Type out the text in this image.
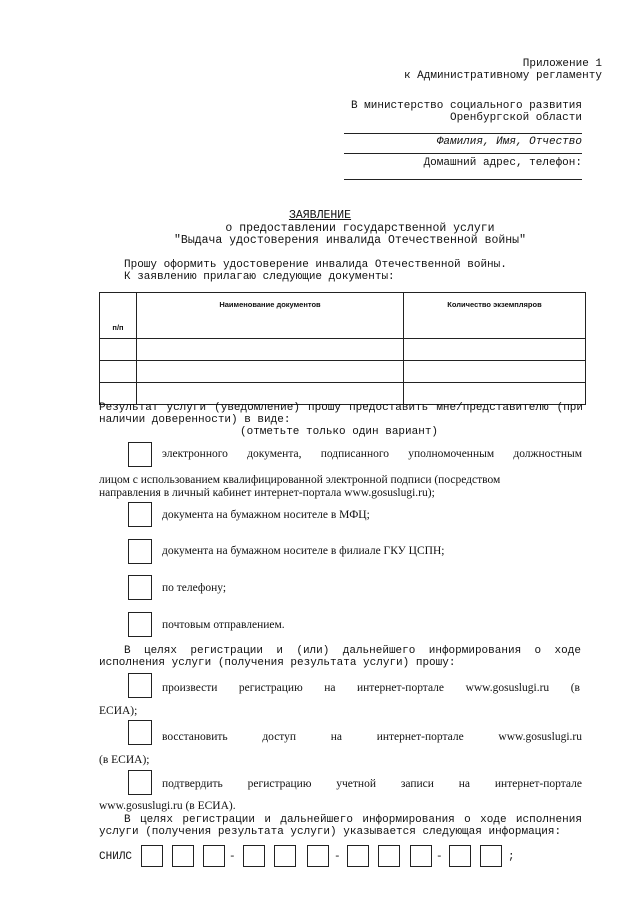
Приложение 1
к Административному регламенту
В министерство социального развития
Оренбургской области
Фамилия, Имя, Отчество
Домашний адрес, телефон:
ЗАЯВЛЕНИЕ
о предоставлении государственной услуги
"Выдача удостоверения инвалида Отечественной войны"
Прошу оформить удостоверение инвалида Отечественной войны.
К заявлению прилагаю следующие документы:
п/п	Наименование документов	Количество экземпляров

Результат услуги (уведомление) прошу предоставить мне/представителю (при
наличии доверенности) в виде:
(отметьте только один вариант)
электронного документа, подписанного уполномоченным должностным
лицом с использованием квалифицированной электронной подписи (посредством
направления в личный кабинет интернет-портала www.gosuslugi.ru);
документа на бумажном носителе в МФЦ;
документа на бумажном носителе в филиале ГКУ ЦСПН;
по телефону;
почтовым отправлением.
В целях регистрации и (или) дальнейшего информирования о ходе
исполнения услуги (получения результата услуги) прошу:
произвести регистрацию на интернет-портале www.gosuslugi.ru (в
ЕСИА);
восстановить	доступ	на	интернет-портале	www.gosuslugi.ru
(в ЕСИА);
подтвердить регистрацию учетной записи на интернет-портале
www.gosuslugi.ru (в ЕСИА).
В целях регистрации и дальнейшего информирования о ходе исполнения
услуги (получения результата услуги) указывается следующая информация:
СНИЛС	-	-	-	;
